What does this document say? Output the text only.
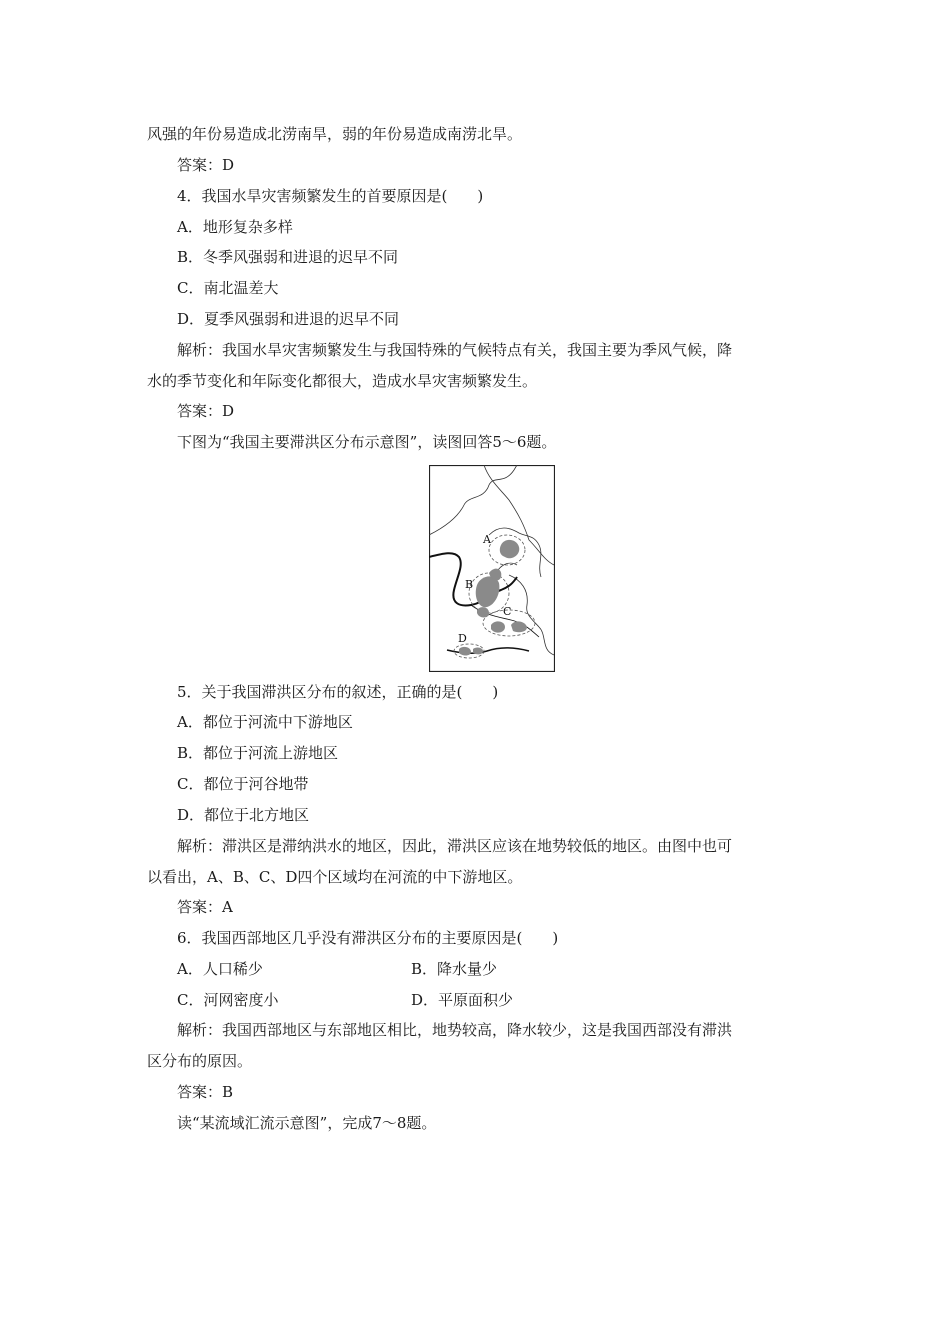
风强的年份易造成北涝南旱，弱的年份易造成南涝北旱。
答案：D
4．我国水旱灾害频繁发生的首要原因是(　　)
A．地形复杂多样
B．冬季风强弱和进退的迟早不同
C．南北温差大
D．夏季风强弱和进退的迟早不同
解析：我国水旱灾害频繁发生与我国特殊的气候特点有关，我国主要为季风气候，降
水的季节变化和年际变化都很大，造成水旱灾害频繁发生。
答案：D
下图为“我国主要滞洪区分布示意图”，读图回答5～6题。
A
B
C
D
5．关于我国滞洪区分布的叙述，正确的是(　　)
A．都位于河流中下游地区
B．都位于河流上游地区
C．都位于河谷地带
D．都位于北方地区
解析：滞洪区是滞纳洪水的地区，因此，滞洪区应该在地势较低的地区。由图中也可
以看出，A、B、C、D四个区域均在河流的中下游地区。
答案：A
6．我国西部地区几乎没有滞洪区分布的主要原因是(　　)
A．人口稀少	B．降水量少
C．河网密度小	D．平原面积少
解析：我国西部地区与东部地区相比，地势较高，降水较少，这是我国西部没有滞洪
区分布的原因。
答案：B
读“某流域汇流示意图”，完成7～8题。
